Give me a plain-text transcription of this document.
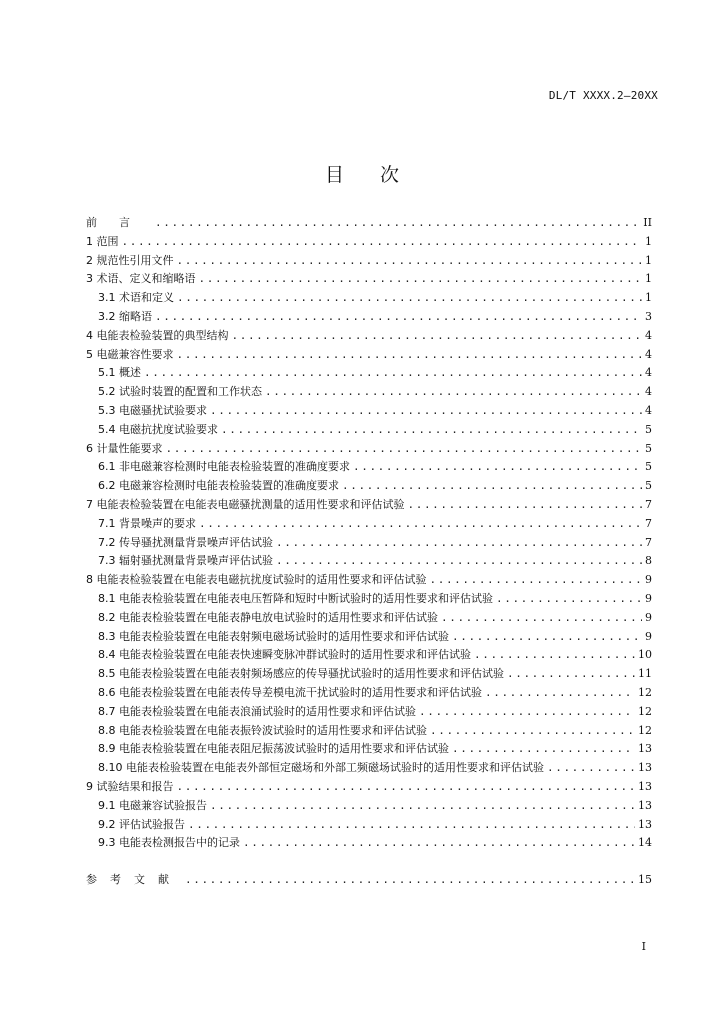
DL/T XXXX.2—20XX
目次
前言 .....	II
1 范围 .....	1
2 规范性引用文件 .....	1
3 术语、定义和缩略语 .....	1
3.1 术语和定义 .....	1
3.2 缩略语 .....	3
4 电能表检验装置的典型结构 .....	4
5 电磁兼容性要求 .....	4
5.1 概述 .....	4
5.2 试验时装置的配置和工作状态 .....	4
5.3 电磁骚扰试验要求 .....	4
5.4 电磁抗扰度试验要求 .....	5
6 计量性能要求 .....	5
6.1 非电磁兼容检测时电能表检验装置的准确度要求 .....	5
6.2 电磁兼容检测时电能表检验装置的准确度要求 .....	5
7 电能表检验装置在电能表电磁骚扰测量的适用性要求和评估试验 .....	7
7.1 背景噪声的要求 .....	7
7.2 传导骚扰测量背景噪声评估试验 .....	7
7.3 辐射骚扰测量背景噪声评估试验 .....	8
8 电能表检验装置在电能表电磁抗扰度试验时的适用性要求和评估试验 .....	9
8.1 电能表检验装置在电能表电压暂降和短时中断试验时的适用性要求和评估试验 .....	9
8.2 电能表检验装置在电能表静电放电试验时的适用性要求和评估试验 .....	9
8.3 电能表检验装置在电能表射频电磁场试验时的适用性要求和评估试验 .....	9
8.4 电能表检验装置在电能表快速瞬变脉冲群试验时的适用性要求和评估试验 .....	10
8.5 电能表检验装置在电能表射频场感应的传导骚扰试验时的适用性要求和评估试验 .....	11
8.6 电能表检验装置在电能表传导差模电流干扰试验时的适用性要求和评估试验 .....	12
8.7 电能表检验装置在电能表浪涌试验时的适用性要求和评估试验 .....	12
8.8 电能表检验装置在电能表振铃波试验时的适用性要求和评估试验 .....	12
8.9 电能表检验装置在电能表阻尼振荡波试验时的适用性要求和评估试验 .....	13
8.10 电能表检验装置在电能表外部恒定磁场和外部工频磁场试验时的适用性要求和评估试验 .....	13
9 试验结果和报告 .....	13
9.1 电磁兼容试验报告 .....	13
9.2 评估试验报告 .....	13
9.3 电能表检测报告中的记录 .....	14
参考文献 .....	15
I
